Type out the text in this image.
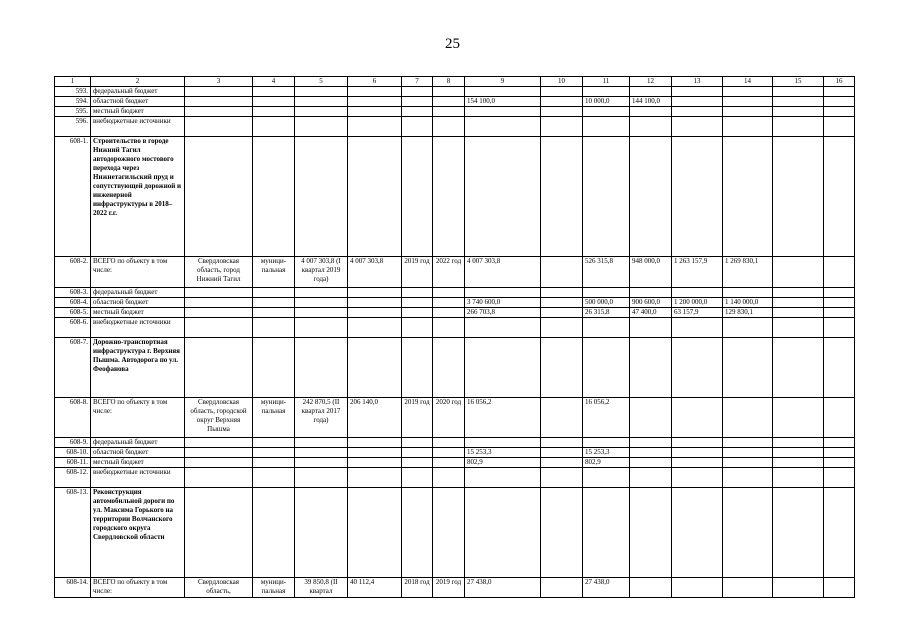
25
1	2	3	4	5	6	7	8	9	10	11	12	13	14	15	16
593.	федеральный бюджет														
594.	областной бюджет							154 100,0		10 000,0	144 100,0				
595.	местный бюджет														
596.	внебюджетные источники														
608-1.	Строительство в городе Нижний Тагил автодорожного мостового перехода через Нижнетагильский пруд и сопутствующей дорожной и инженерной инфраструктуры в 2018–2022 г.г.														
608-2.	ВСЕГО по объекту в том числе:	Свердловская область, город Нижний Тагил	муници-пальная	4 007 303,8 (I квартал 2019 года)	4 007 303,8	2019 год	2022 год	4 007 303,8		526 315,8	948 000,0	1 263 157,9	1 269 830,1		
608-3.	федеральный бюджет														
608-4.	областной бюджет							3 740 600,0		500 000,0	900 600,0	1 200 000,0	1 140 000,0		
608-5.	местный бюджет							266 703,8		26 315,8	47 400,0	63 157,9	129 830,1		
608-6.	внебюджетные источники														
608-7.	Дорожно-транспортная инфраструктура г. Верхняя Пышма. Автодорога по ул. Феофанова														
608-8.	ВСЕГО по объекту в том числе:	Свердловская область, городской округ Верхняя Пышма	муници-пальная	242 870,5 (II квартал 2017 года)	206 140,0	2019 год	2020 год	16 056,2		16 056,2					
608-9.	федеральный бюджет														
608-10.	областной бюджет							15 253,3		15 253,3					
608-11.	местный бюджет							802,9		802,9					
608-12.	внебюджетные источники														
608-13.	Реконструкция автомобильной дороги по ул. Максима Горького на территории Волчанского городского округа Свердловской области														
608-14.	ВСЕГО по объекту в том числе:	Свердловская область,	муници-пальная	39 850,8 (II квартал	40 112,4	2018 год	2019 год	27 438,0		27 438,0					
